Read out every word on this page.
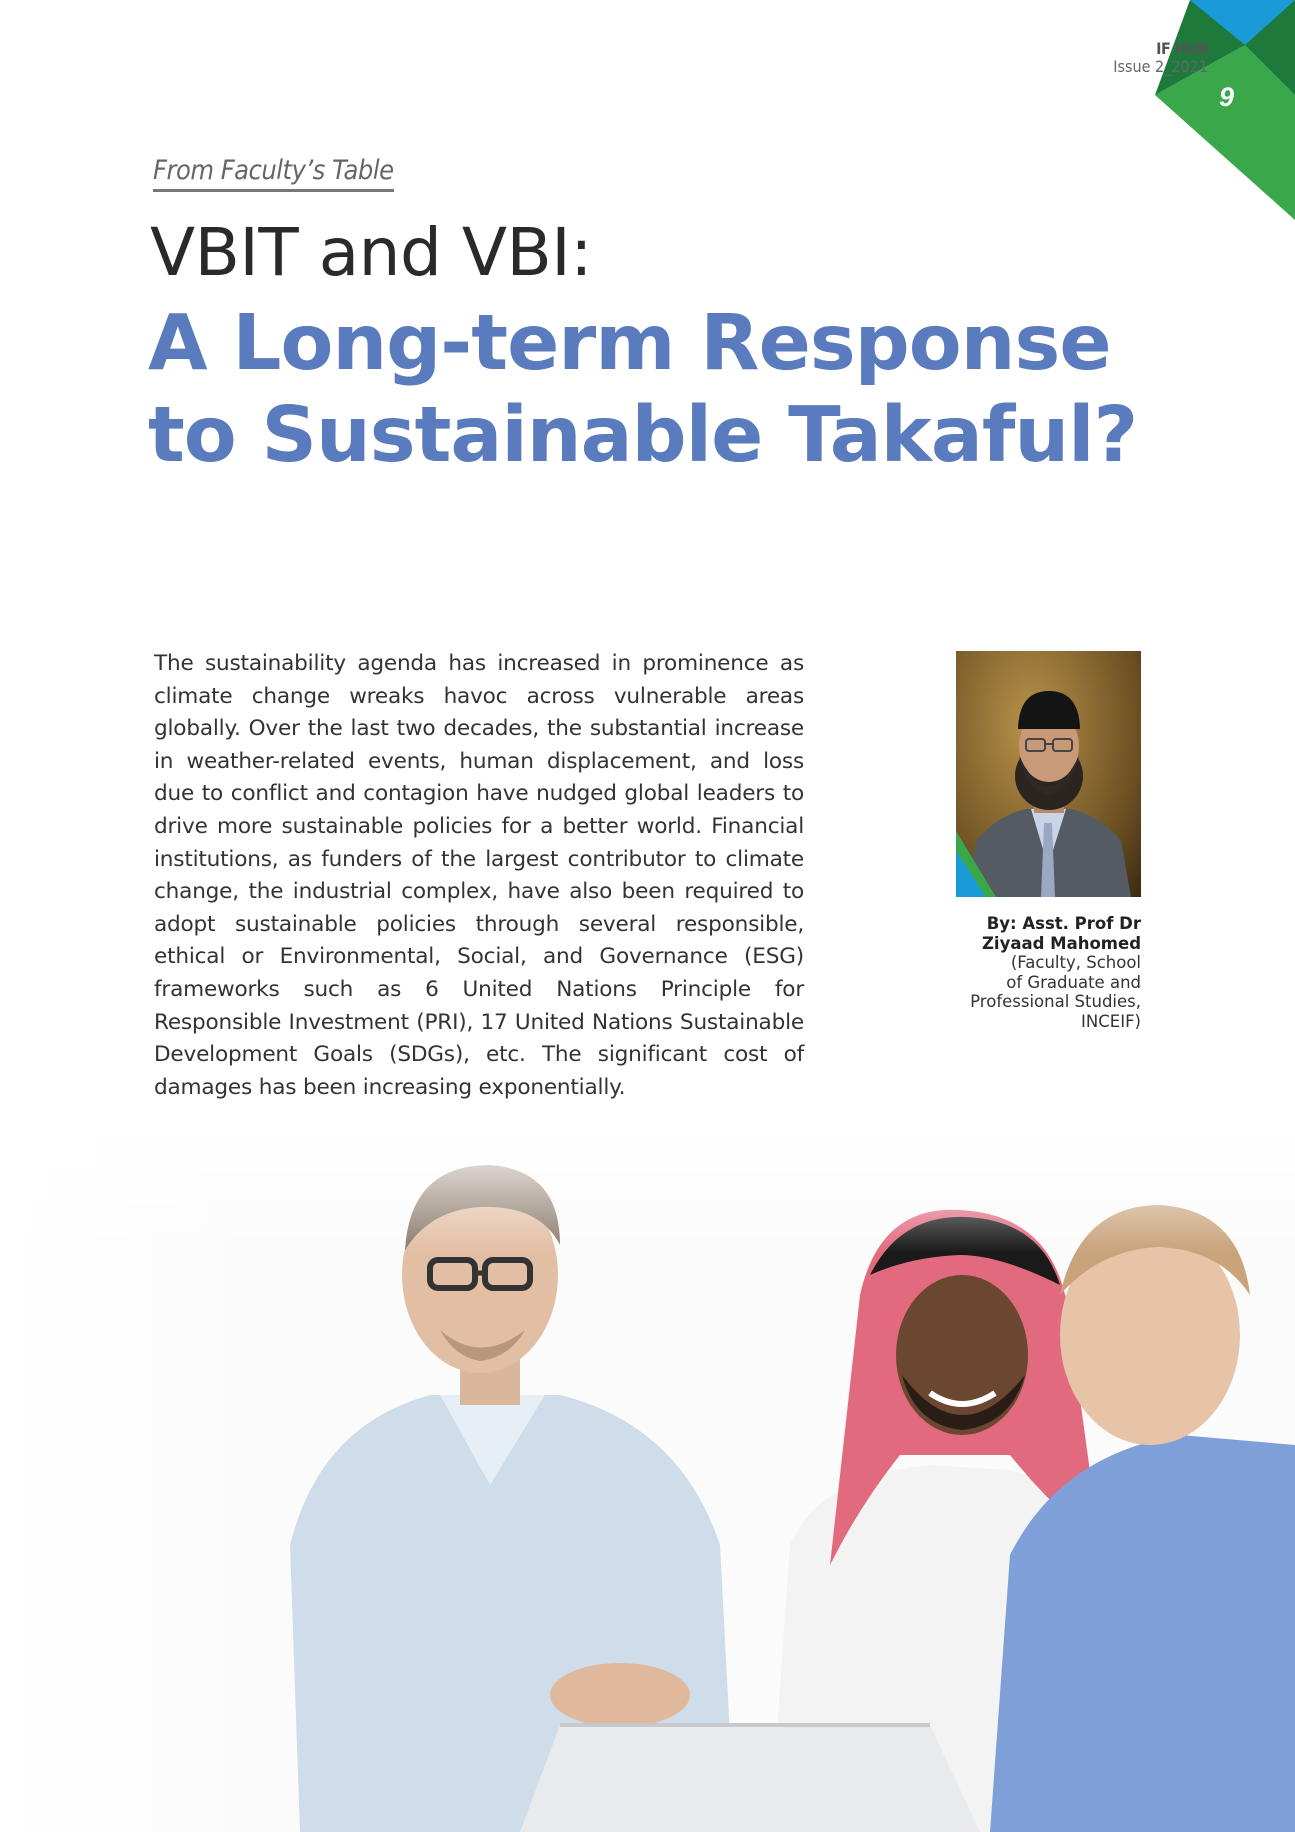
IF HUB
Issue 2_2021
9
From Faculty’s Table
VBIT and VBI:
A Long-term Response to Sustainable Takaful?

The sustainability agenda has increased in prominence as climate change wreaks havoc across vulnerable areas globally. Over the last two decades, the substantial increase in weather-related events, human displacement, and loss due to conflict and contagion have nudged global leaders to drive more sustainable policies for a better world. Financial institutions, as funders of the largest contributor to climate change, the industrial complex, have also been required to adopt sustainable policies through several responsible, ethical or Environmental, Social, and Governance (ESG) frameworks such as 6 United Nations Principle for Responsible Investment (PRI), 17 United Nations Sustainable Development Goals (SDGs), etc. The significant cost of damages has been increasing exponentially.

By: Asst. Prof Dr
Ziyaad Mahomed
(Faculty, School
of Graduate and
Professional Studies,
INCEIF)
